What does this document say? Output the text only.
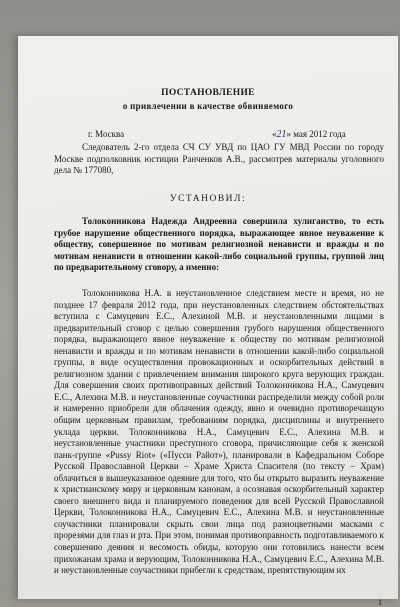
ПОСТАНОВЛЕНИЕ
о привлечении в качестве обвиняемого
г. Москва	«21» мая 2012 года

Следователь 2-го отдела СЧ СУ УВД по ЦАО ГУ МВД России по городу Москве подполковник юстиции Ранченков А.В., рассмотрев материалы уголовного дела № 177080,

УСТАНОВИЛ:

Толоконникова Надежда Андреевна совершила хулиганство, то есть грубое нарушение общественного порядка, выражающее явное неуважение к обществу, совершенное по мотивам религиозной ненависти и вражды и по мотивам ненависти в отношении какой-либо социальной группы, группой лиц по предварительному сговору, а именно:

Толоконникова Н.А. в неустановленное следствием месте и время, но не позднее 17 февраля 2012 года, при неустановленных следствием обстоятельствах вступила с Самуцевич Е.С., Алехиной М.В. и неустановленными лицами в предварительный сговор с целью совершения грубого нарушения общественного порядка, выражающего явное неуважение к обществу по мотивам религиозной ненависти и вражды и по мотивам ненависти в отношении какой-либо социальной группы, в виде осуществления провокационных и оскорбительных действий в религиозном здании с привлечением внимания широкого круга верующих граждан. Для совершения своих противоправных действий Толоконникова Н.А., Самуцевич Е.С., Алехина М.В. и неустановленные соучастники распределили между собой роли и намеренно приобрели для облачения одежду, явно и очевидно противоречащую общим церковным правилам, требованиям порядка, дисциплины и внутреннего уклада церкви. Толоконникова Н.А., Самуцевич Е.С., Алехина М.В. и неустановленные участники преступного сговора, причисляющие себя к женской панк-группе «Pussy Riot» («Пусси Райот»), планировали в Кафедральном Соборе Русской Православной Церкви – Храме Христа Спасителя (по тексту – Храм) облачиться в вышеуказанное одеяние для того, что бы открыто выразить неуважение к христианскому миру и церковным канонам, а осознавая оскорбительный характер своего внешнего вида и планируемого поведения для всей Русской Православной Церкви, Толоконникова Н.А., Самуцевич Е.С., Алехина М.В. и неустановленные соучастники планировали скрыть свои лица под разноцветными масками с прорезями для глаз и рта. При этом, понимая противоправность подготавливаемого к совершению деяния и весомость обиды, которую они готовились нанести всем прихожанам храма и верующим, Толоконникова Н.А., Самуцевич Е.С., Алехина М.В. и неустановленные соучастники прибегли к средствам, препятствующим их

1
